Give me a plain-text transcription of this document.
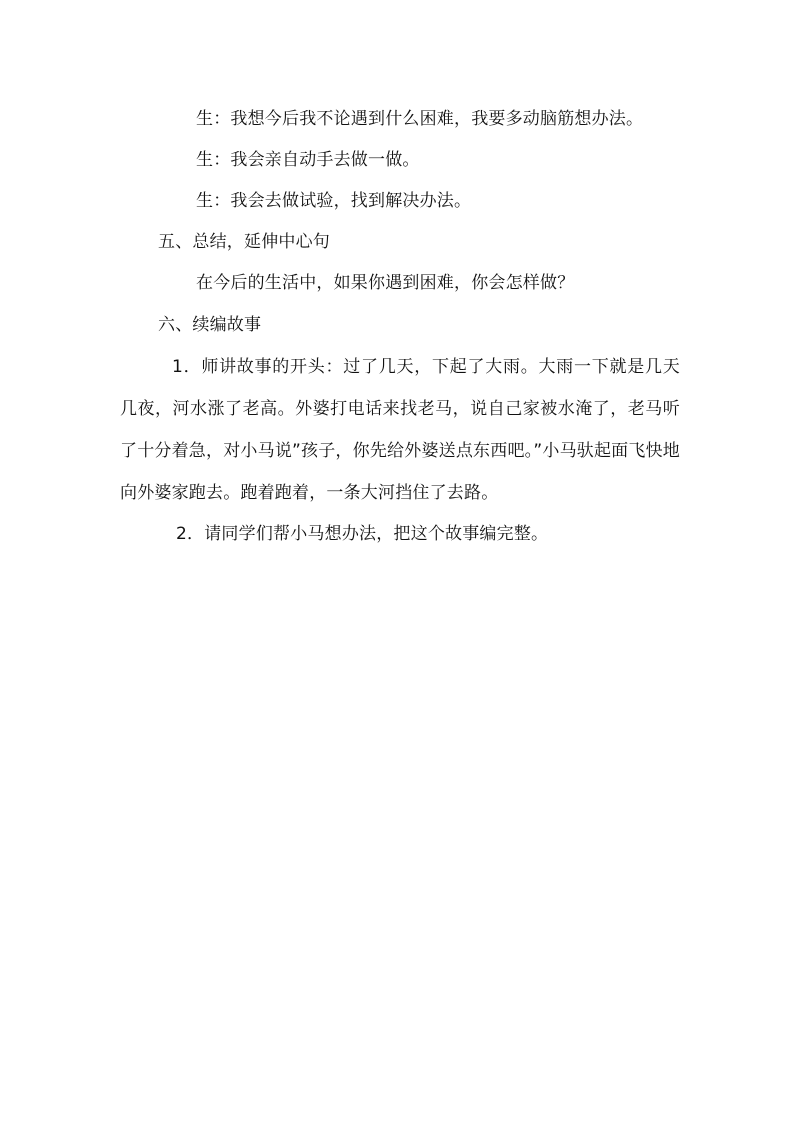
生：我想今后我不论遇到什么困难，我要多动脑筋想办法。
生：我会亲自动手去做一做。
生：我会去做试验，找到解决办法。
五、总结，延伸中心句
在今后的生活中，如果你遇到困难，你会怎样做？
六、续编故事
1．师讲故事的开头：过了几天，下起了大雨。大雨一下就是几天几夜，河水涨了老高。外婆打电话来找老马，说自己家被水淹了，老马听了十分着急，对小马说”孩子，你先给外婆送点东西吧。”小马驮起面飞快地向外婆家跑去。跑着跑着，一条大河挡住了去路。
2．请同学们帮小马想办法，把这个故事编完整。
